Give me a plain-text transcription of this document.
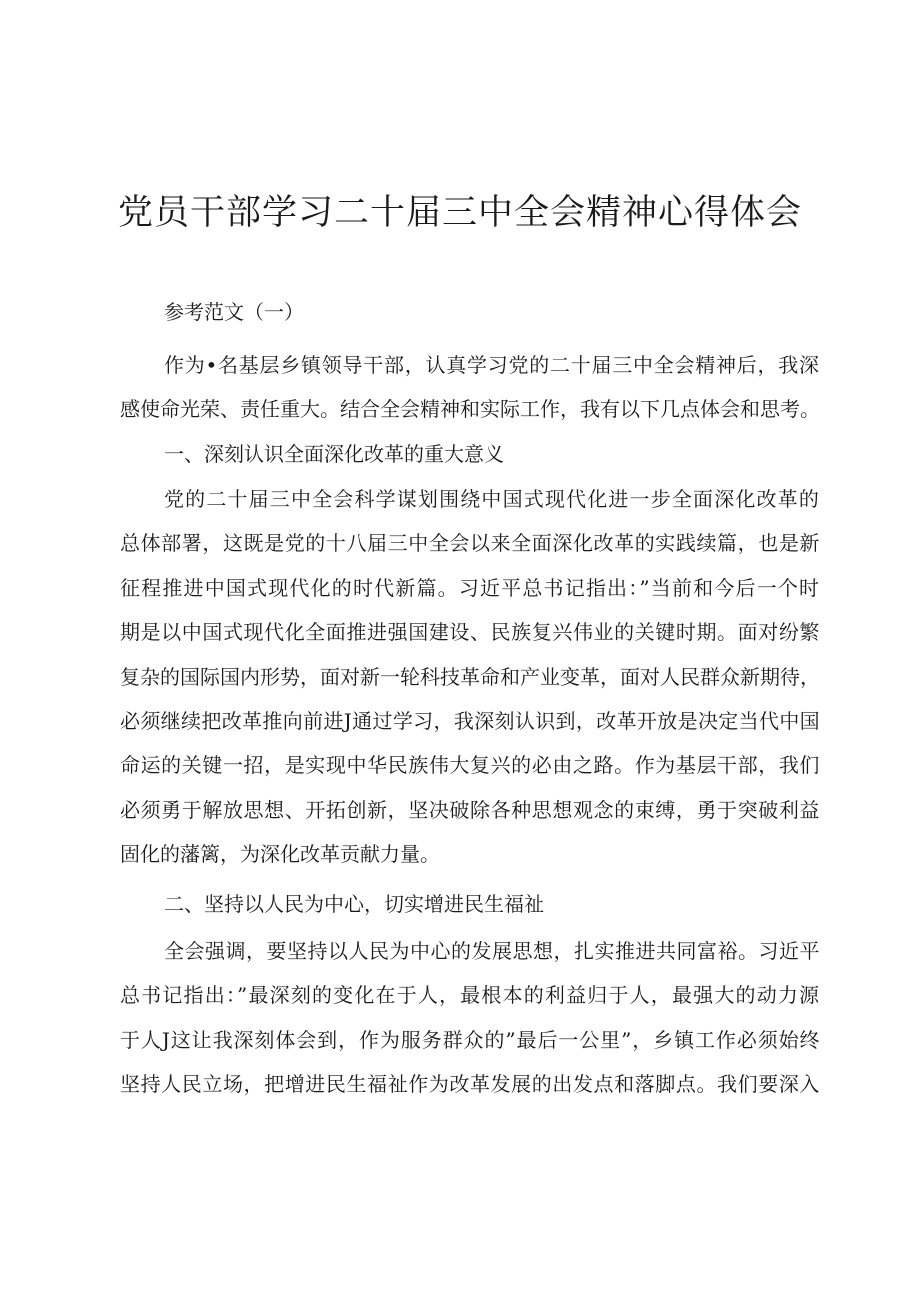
党员干部学习二十届三中全会精神心得体会

参考范文（一）

作为•名基层乡镇领导干部，认真学习党的二十届三中全会精神后，我深
感使命光荣、责任重大。结合全会精神和实际工作，我有以下几点体会和思考。

一、深刻认识全面深化改革的重大意义

党的二十届三中全会科学谋划围绕中国式现代化进一步全面深化改革的
总体部署，这既是党的十八届三中全会以来全面深化改革的实践续篇，也是新
征程推进中国式现代化的时代新篇。习近平总书记指出：”当前和今后一个时
期是以中国式现代化全面推进强国建设、民族复兴伟业的关键时期。面对纷繁
复杂的国际国内形势，面对新一轮科技革命和产业变革，面对人民群众新期待，
必须继续把改革推向前进J通过学习，我深刻认识到，改革开放是决定当代中国
命运的关键一招，是实现中华民族伟大复兴的必由之路。作为基层干部，我们
必须勇于解放思想、开拓创新，坚决破除各种思想观念的束缚，勇于突破利益
固化的藩篱，为深化改革贡献力量。

二、坚持以人民为中心，切实增进民生福祉

全会强调，要坚持以人民为中心的发展思想，扎实推进共同富裕。习近平
总书记指出：”最深刻的变化在于人，最根本的利益归于人，最强大的动力源
于人J这让我深刻体会到，作为服务群众的”最后一公里”，乡镇工作必须始终
坚持人民立场，把增进民生福祉作为改革发展的出发点和落脚点。我们要深入
